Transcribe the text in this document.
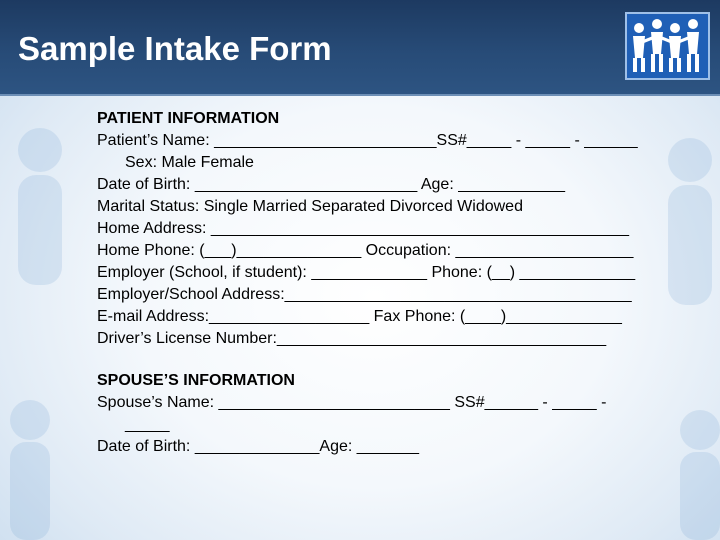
Sample Intake Form
PATIENT INFORMATION
Patient’s Name: _________________________SS#_____ - _____ - ______
Sex: Male Female
Date of Birth: _________________________ Age: ____________
Marital Status: Single Married Separated Divorced Widowed
Home Address: _______________________________________________
Home Phone: (___)______________ Occupation: ____________________
Employer (School, if student): _____________ Phone: (__) _____________
Employer/School Address:_______________________________________
E-mail Address:__________________ Fax Phone: (____)_____________
Driver’s License Number:_____________________________________
SPOUSE’S INFORMATION
Spouse’s Name: __________________________ SS#______ - _____ -
_____
Date of Birth: ______________Age: _______
